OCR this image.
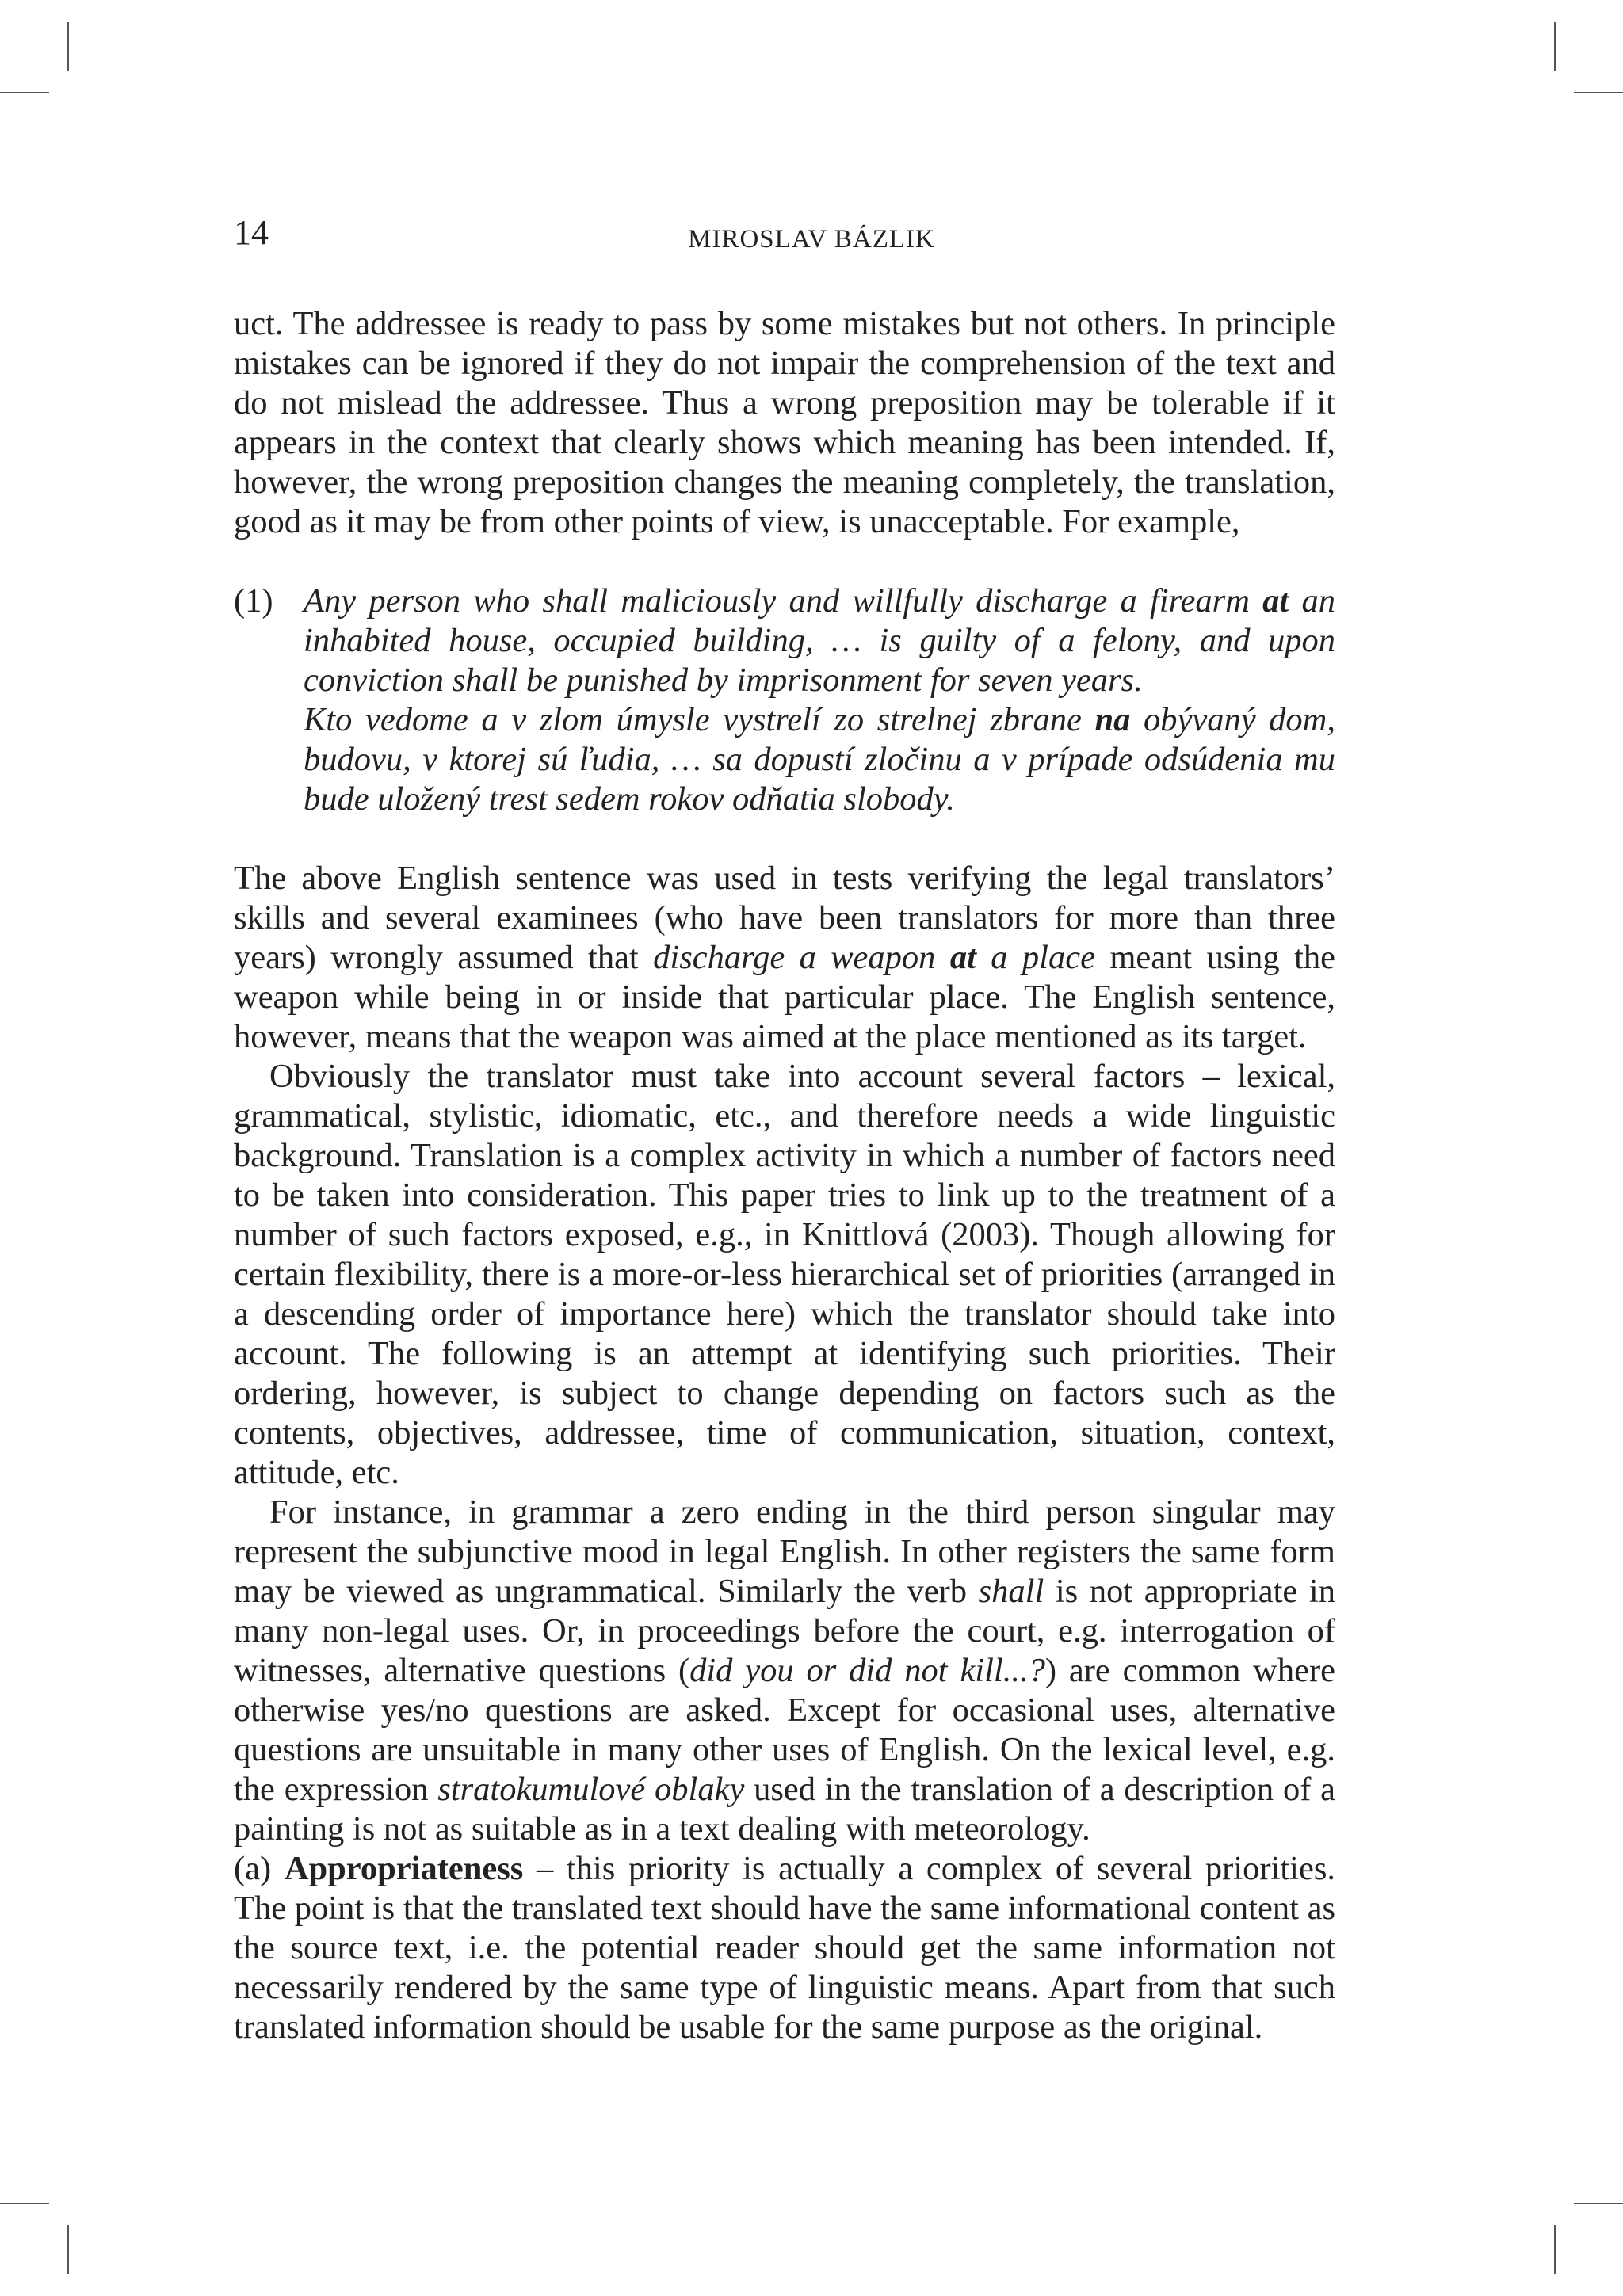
14	MIROSLAV BÁZLIK

uct. The addressee is ready to pass by some mistakes but not others. In principle mistakes can be ignored if they do not impair the comprehension of the text and do not mislead the addressee. Thus a wrong preposition may be tolerable if it appears in the context that clearly shows which meaning has been intended. If, however, the wrong preposition changes the meaning completely, the translation, good as it may be from other points of view, is unacceptable. For example,

(1) Any person who shall maliciously and willfully discharge a firearm at an inhabited house, occupied building, … is guilty of a felony, and upon conviction shall be punished by imprisonment for seven years.

Kto vedome a v zlom úmysle vystrelí zo strelnej zbrane na obývaný dom, budovu, v ktorej sú ľudia, … sa dopustí zločinu a v prípade odsúdenia mu bude uložený trest sedem rokov odňatia slobody.

The above English sentence was used in tests verifying the legal translators’ skills and several examinees (who have been translators for more than three years) wrongly assumed that discharge a weapon at a place meant using the weapon while being in or inside that particular place. The English sentence, however, means that the weapon was aimed at the place mentioned as its target.

Obviously the translator must take into account several factors – lexical, grammatical, stylistic, idiomatic, etc., and therefore needs a wide linguistic background. Translation is a complex activity in which a number of factors need to be taken into consideration. This paper tries to link up to the treatment of a number of such factors exposed, e.g., in Knittlová (2003). Though allowing for certain flexibility, there is a more-or-less hierarchical set of priorities (arranged in a descending order of importance here) which the translator should take into account. The following is an attempt at identifying such priorities. Their ordering, however, is subject to change depending on factors such as the contents, objectives, addressee, time of communication, situation, context, attitude, etc.

For instance, in grammar a zero ending in the third person singular may represent the subjunctive mood in legal English. In other registers the same form may be viewed as ungrammatical. Similarly the verb shall is not appropriate in many non-legal uses. Or, in proceedings before the court, e.g. interrogation of witnesses, alternative questions (did you or did not kill...?) are common where otherwise yes/no questions are asked. Except for occasional uses, alternative questions are unsuitable in many other uses of English. On the lexical level, e.g. the expression stratokumulové oblaky used in the translation of a description of a painting is not as suitable as in a text dealing with meteorology.

(a) Appropriateness – this priority is actually a complex of several priorities. The point is that the translated text should have the same informational content as the source text, i.e. the potential reader should get the same information not necessarily rendered by the same type of linguistic means. Apart from that such translated information should be usable for the same purpose as the original.
